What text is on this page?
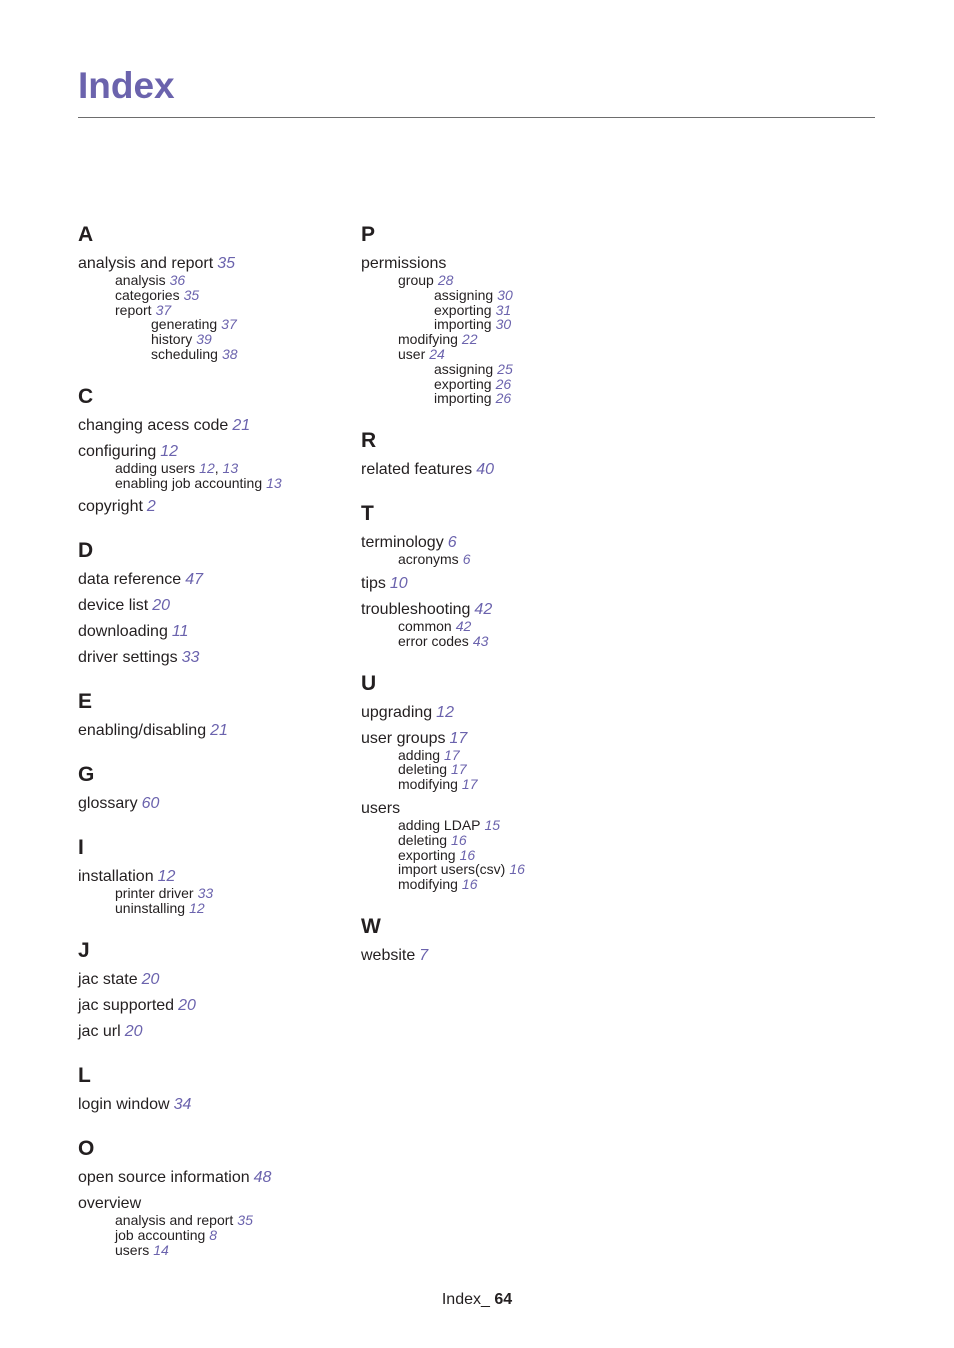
Index
A
analysis and report 35
analysis 36
categories 35
report 37
generating 37
history 39
scheduling 38
C
changing acess code 21
configuring 12
adding users 12, 13
enabling job accounting 13
copyright 2
D
data reference 47
device list 20
downloading 11
driver settings 33
E
enabling/disabling 21
G
glossary 60
I
installation 12
printer driver 33
uninstalling 12
J
jac state 20
jac supported 20
jac url 20
L
login window 34
O
open source information 48
overview
analysis and report 35
job accounting 8
users 14
P
permissions
group 28
assigning 30
exporting 31
importing 30
modifying 22
user 24
assigning 25
exporting 26
importing 26
R
related features 40
T
terminology 6
acronyms 6
tips 10
troubleshooting 42
common 42
error codes 43
U
upgrading 12
user groups 17
adding 17
deleting 17
modifying 17
users
adding LDAP 15
deleting 16
exporting 16
import users(csv) 16
modifying 16
W
website 7
Index_ 64
